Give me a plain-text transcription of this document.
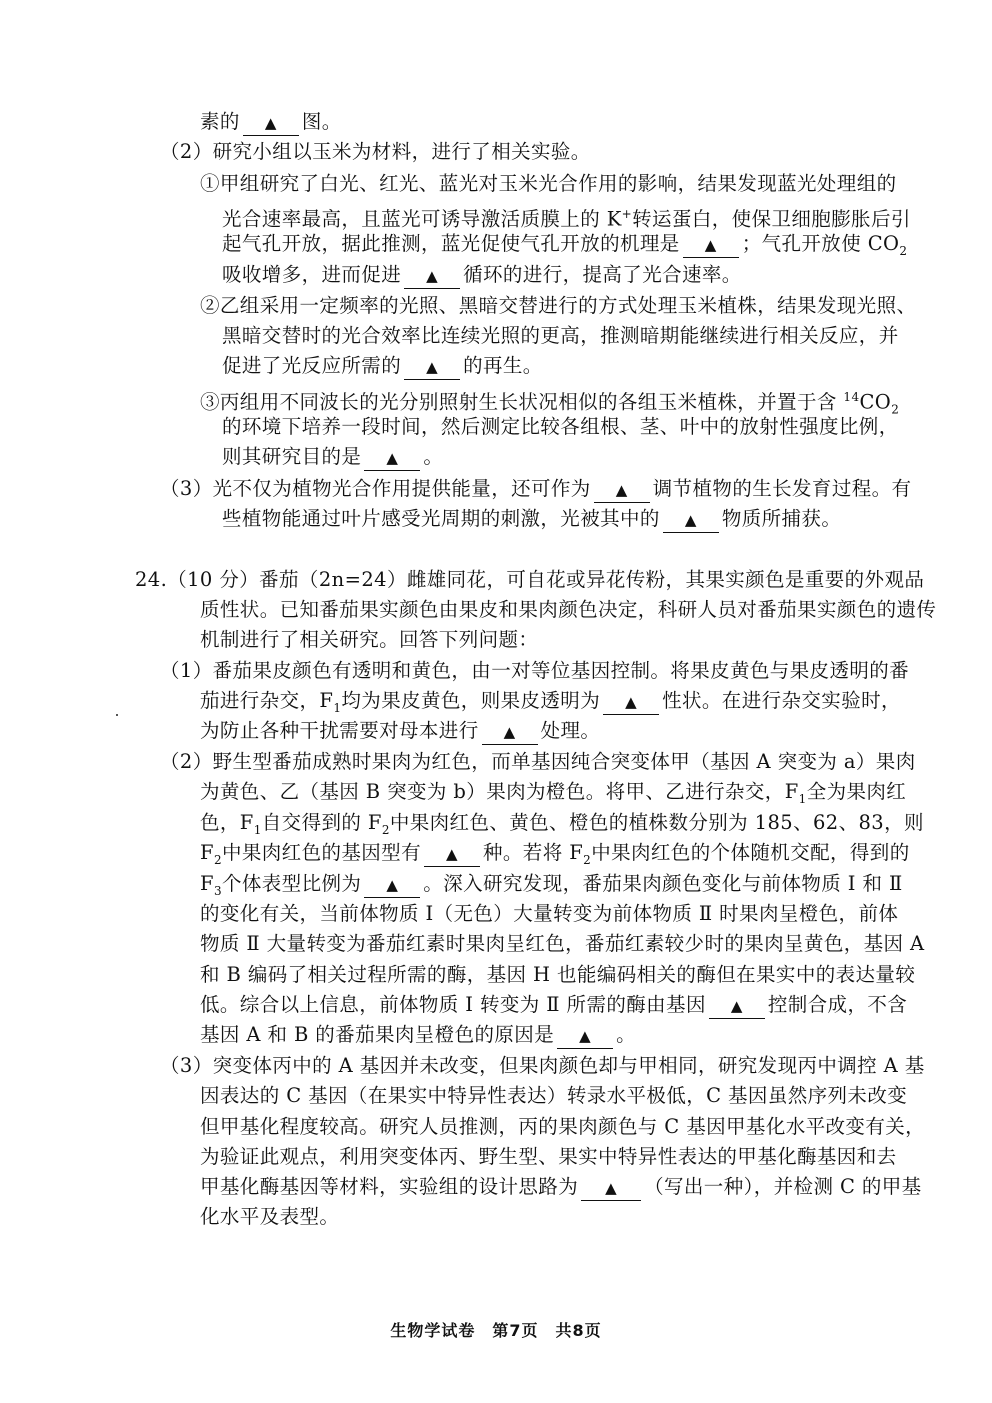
素的 ▲ 图。
（2）研究小组以玉米为材料，进行了相关实验。
①甲组研究了白光、红光、蓝光对玉米光合作用的影响，结果发现蓝光处理组的
光合速率最高，且蓝光可诱导激活质膜上的 K+转运蛋白，使保卫细胞膨胀后引
起气孔开放，据此推测，蓝光促使气孔开放的机理是 ▲ ；气孔开放使 $CO_2$
吸收增多，进而促进 ▲ 循环的进行，提高了光合速率。
②乙组采用一定频率的光照、黑暗交替进行的方式处理玉米植株，结果发现光照、
黑暗交替时的光合效率比连续光照的更高，推测暗期能继续进行相关反应，并
促进了光反应所需的 ▲ 的再生。
③丙组用不同波长的光分别照射生长状况相似的各组玉米植株，并置于含 $^{14}CO_2$
的环境下培养一段时间，然后测定比较各组根、茎、叶中的放射性强度比例，
则其研究目的是 ▲ 。
（3）光不仅为植物光合作用提供能量，还可作为 ▲ 调节植物的生长发育过程。有
些植物能通过叶片感受光周期的刺激，光被其中的 ▲ 物质所捕获。
24.（10 分）番茄（2n=24）雌雄同花，可自花或异花传粉，其果实颜色是重要的外观品
质性状。已知番茄果实颜色由果皮和果肉颜色决定，科研人员对番茄果实颜色的遗传
机制进行了相关研究。回答下列问题：
（1）番茄果皮颜色有透明和黄色，由一对等位基因控制。将果皮黄色与果皮透明的番
茄进行杂交，$F_1$均为果皮黄色，则果皮透明为 ▲ 性状。在进行杂交实验时，
为防止各种干扰需要对母本进行 ▲ 处理。
（2）野生型番茄成熟时果肉为红色，而单基因纯合突变体甲（基因 A 突变为 a）果肉
为黄色、乙（基因 B 突变为 b）果肉为橙色。将甲、乙进行杂交，$F_1$全为果肉红
色，$F_1$自交得到的 $F_2$中果肉红色、黄色、橙色的植株数分别为 185、62、83，则
$F_2$中果肉红色的基因型有 ▲ 种。若将 $F_2$中果肉红色的个体随机交配，得到的
$F_3$个体表型比例为 ▲ 。深入研究发现，番茄果肉颜色变化与前体物质 Ⅰ 和 Ⅱ
的变化有关，当前体物质 Ⅰ（无色）大量转变为前体物质 Ⅱ 时果肉呈橙色，前体
物质 Ⅱ 大量转变为番茄红素时果肉呈红色，番茄红素较少时的果肉呈黄色，基因 A
和 B 编码了相关过程所需的酶，基因 H 也能编码相关的酶但在果实中的表达量较
低。综合以上信息，前体物质 Ⅰ 转变为 Ⅱ 所需的酶由基因 ▲ 控制合成，不含
基因 A 和 B 的番茄果肉呈橙色的原因是 ▲ 。
（3）突变体丙中的 A 基因并未改变，但果肉颜色却与甲相同，研究发现丙中调控 A 基
因表达的 C 基因（在果实中特异性表达）转录水平极低，C 基因虽然序列未改变
但甲基化程度较高。研究人员推测，丙的果肉颜色与 C 基因甲基化水平改变有关，
为验证此观点，利用突变体丙、野生型、果实中特异性表达的甲基化酶基因和去
甲基化酶基因等材料，实验组的设计思路为 ▲ （写出一种），并检测 C 的甲基
化水平及表型。
生物学试卷　第7页　共8页
